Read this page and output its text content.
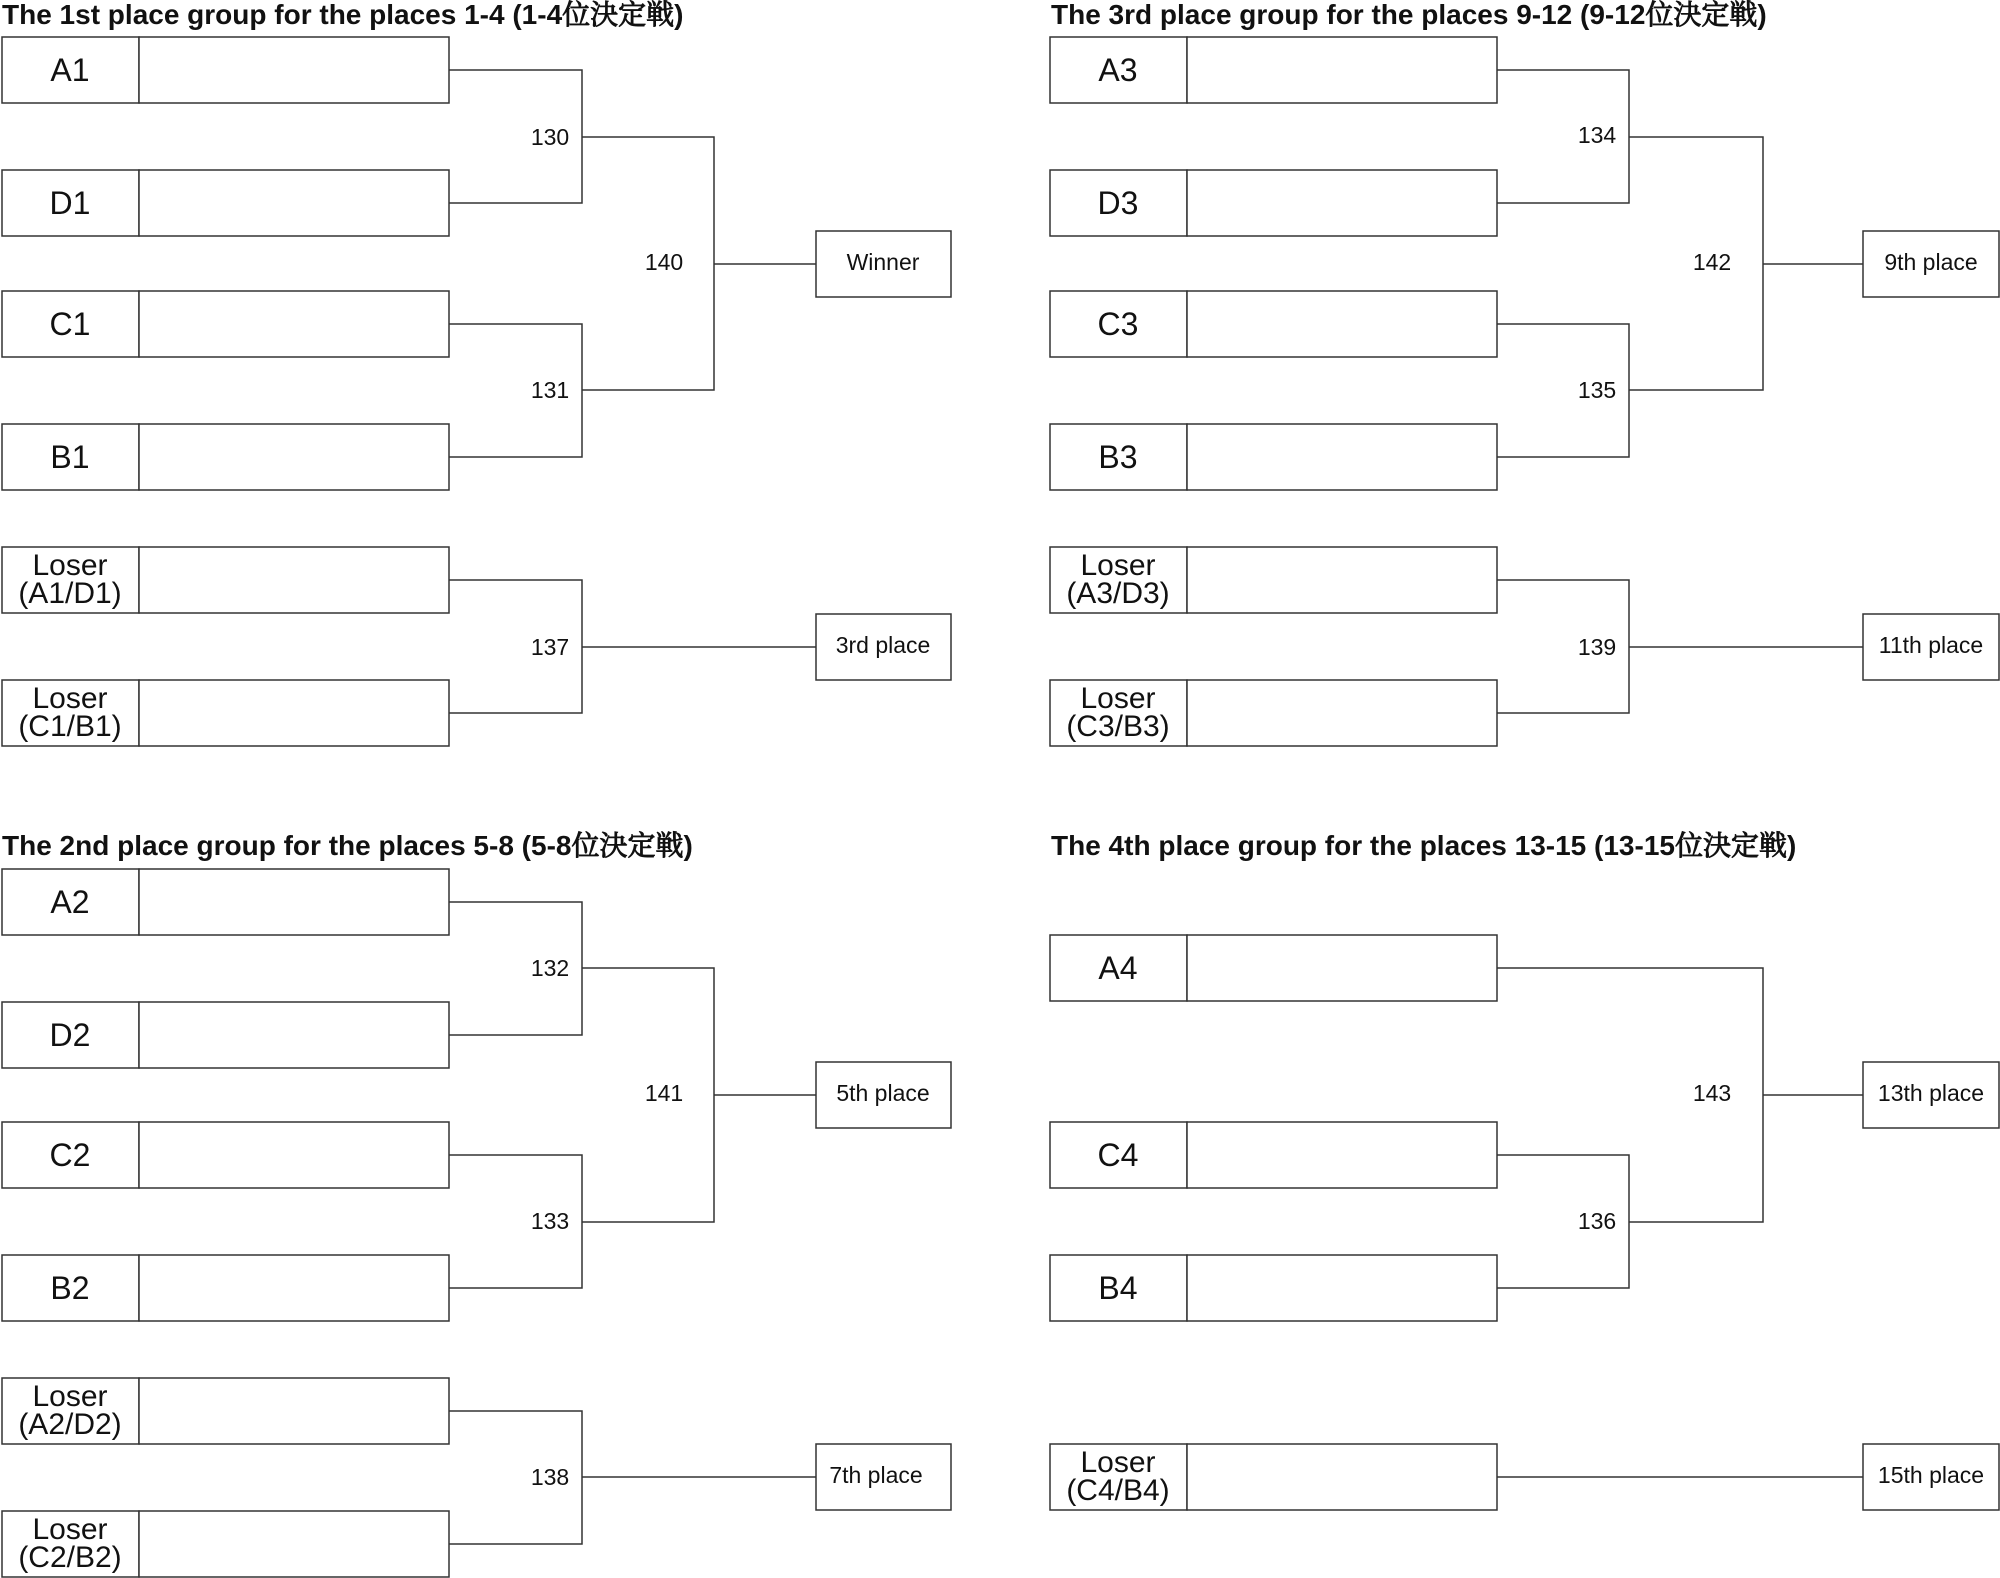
The 1st place group for the places 1-4 (1-4位決定戦)
A1
D1
C1
B1
Loser
(A1/D1)
Loser
(C1/B1)
130
131
140
137
Winner
3rd place
The 3rd place group for the places 9-12 (9-12位決定戦)
A3
D3
C3
B3
Loser
(A3/D3)
Loser
(C3/B3)
134
135
142
139
9th place
11th place
The 2nd place group for the places 5-8 (5-8位決定戦)
A2
D2
C2
B2
Loser
(A2/D2)
Loser
(C2/B2)
132
133
141
138
5th place
7th place
The 4th place group for the places 13-15 (13-15位決定戦)
A4
C4
B4
Loser
(C4/B4)
136
143	13th place
15th place
